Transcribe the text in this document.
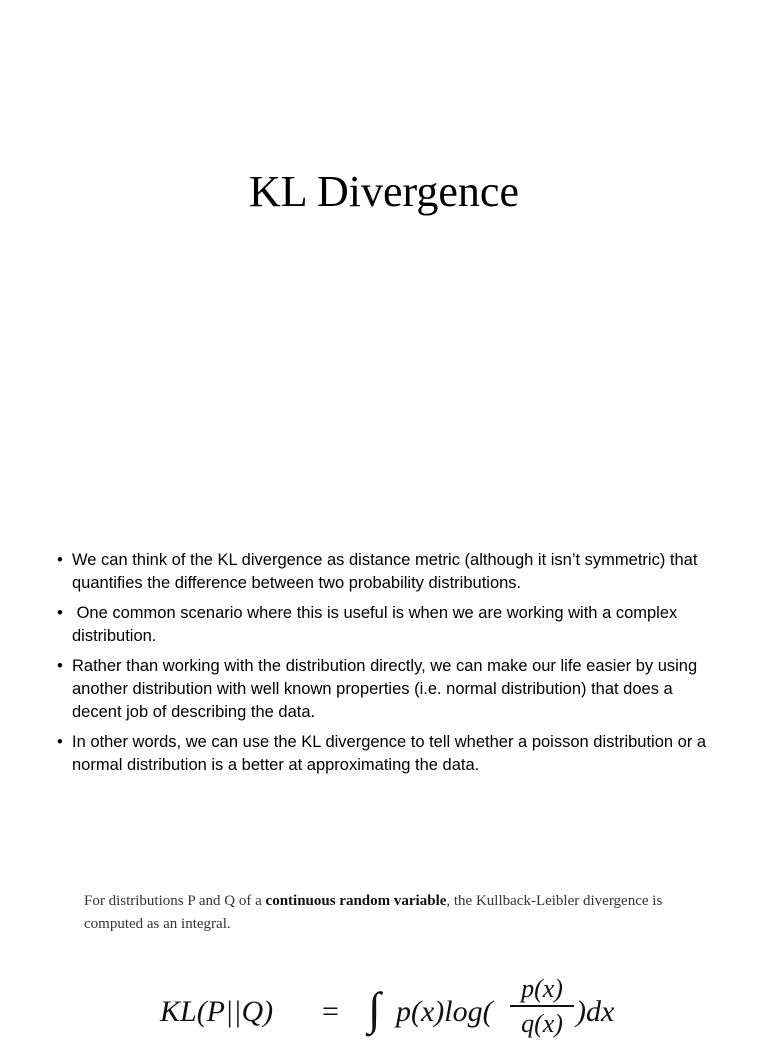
KL Divergence
• We can think of the KL divergence as distance metric (although it isn’t symmetric) that quantifies the difference between two probability distributions.
• One common scenario where this is useful is when we are working with a complex distribution.
• Rather than working with the distribution directly, we can make our life easier by using another distribution with well known properties (i.e. normal distribution) that does a decent job of describing the data.
• In other words, we can use the KL divergence to tell whether a poisson distribution or a normal distribution is a better at approximating the data.

For distributions P and Q of a continuous random variable, the Kullback-Leibler divergence is computed as an integral.

KL(P||Q) = ∫ p(x)log(
p(x)
q(x) )dx
